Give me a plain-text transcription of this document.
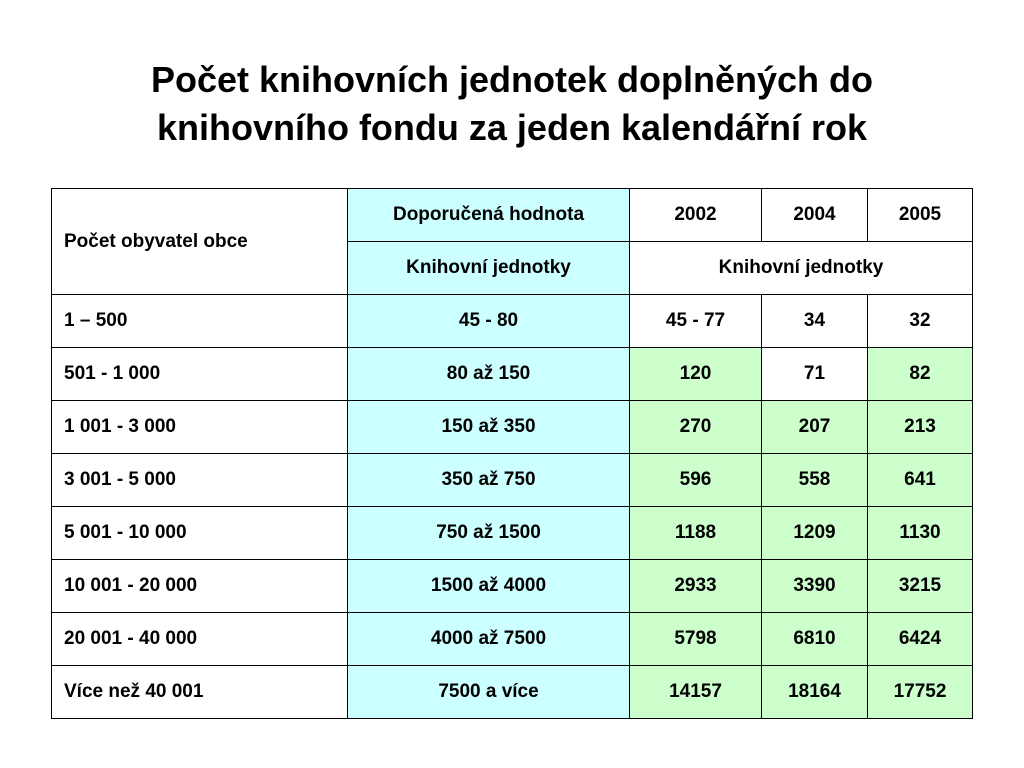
Počet knihovních jednotek doplněných do
knihovního fondu za jeden kalendářní rok
Počet obyvatel obce	Doporučená hodnota	2002	2004	2005
	Knihovní jednotky	Knihovní jednotky		
1 – 500	45 - 80	45 - 77	34	32
501 - 1 000	80 až 150	120	71	82
1 001 - 3 000	150 až 350	270	207	213
3 001 - 5 000	350 až 750	596	558	641
5 001 - 10 000	750 až 1500	1188	1209	1130
10 001 - 20 000	1500 až 4000	2933	3390	3215
20 001 - 40 000	4000 až 7500	5798	6810	6424
Více než 40 001	7500 a více	14157	18164	17752
